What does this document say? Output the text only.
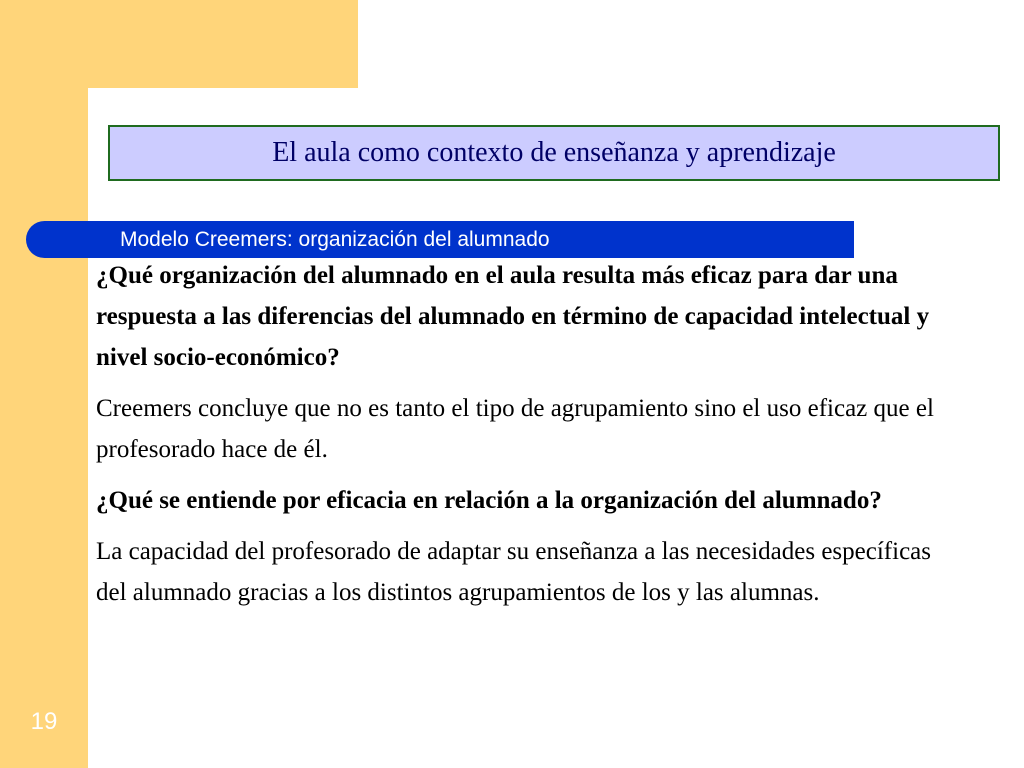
El aula como contexto de enseñanza y aprendizaje
Modelo Creemers: organización del alumnado

¿Qué organización del alumnado en el aula resulta más eficaz para dar una respuesta a las diferencias del alumnado en término de capacidad intelectual y nivel socio-económico?

Creemers concluye que no es tanto el tipo de agrupamiento sino el uso eficaz que el profesorado hace de él.

¿Qué se entiende por eficacia en relación a la organización del alumnado?

La capacidad del profesorado de adaptar su enseñanza a las necesidades específicas del alumnado gracias a los distintos agrupamientos de los y las alumnas.

19
